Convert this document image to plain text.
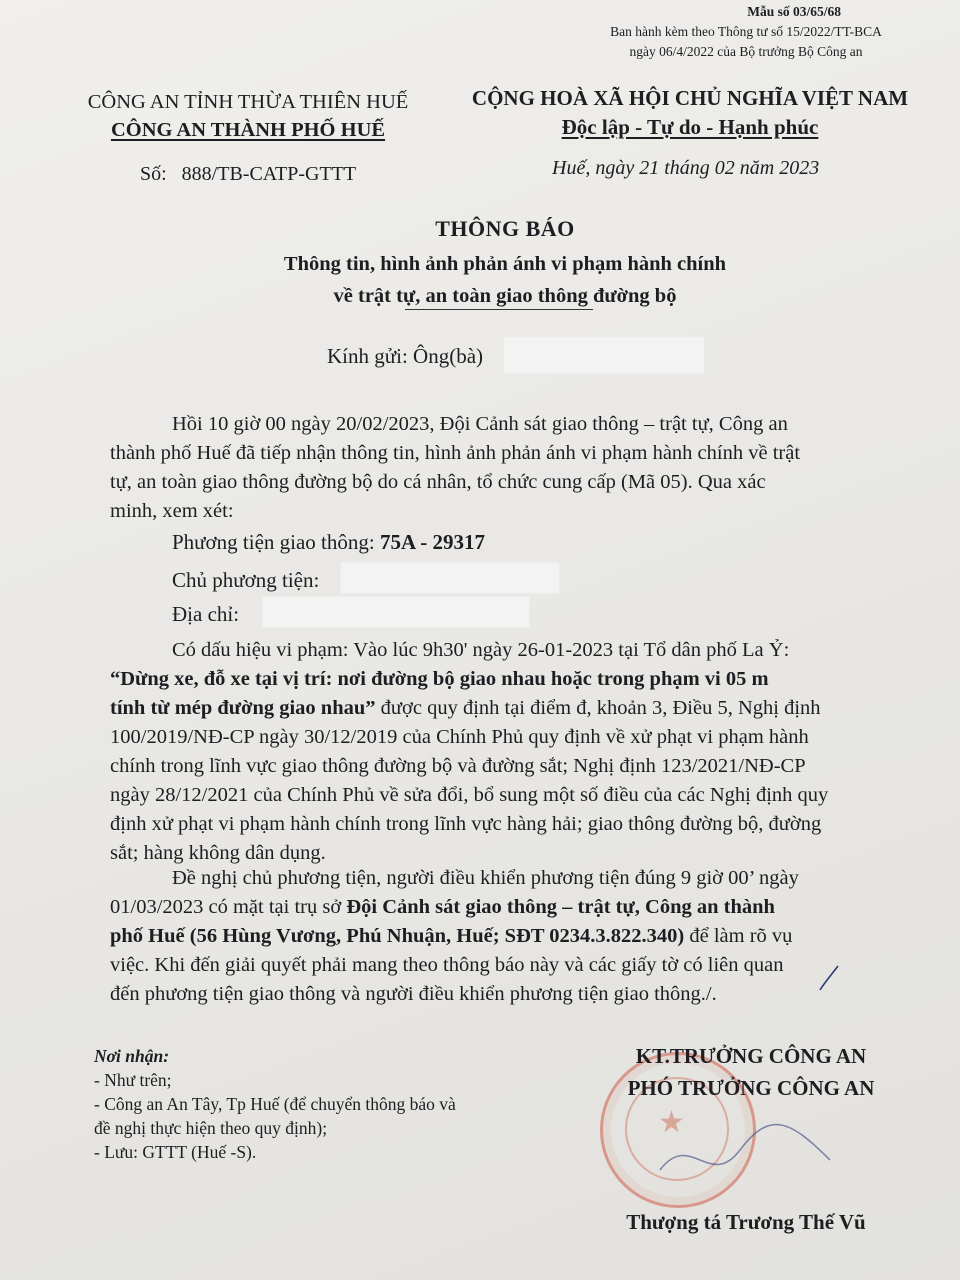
Mẫu số 03/65/68
Ban hành kèm theo Thông tư số 15/2022/TT-BCA
ngày 06/4/2022 của Bộ trưởng Bộ Công an
CÔNG AN TỈNH THỪA THIÊN HUẾ
CÔNG AN THÀNH PHỐ HUẾ
CỘNG HOÀ XÃ HỘI CHỦ NGHĨA VIỆT NAM
Độc lập - Tự do - Hạnh phúc
Số:   888/TB-CATP-GTTT	Huế, ngày 21 tháng 02 năm 2023
THÔNG BÁO
Thông tin, hình ảnh phản ánh vi phạm hành chính
về trật tự, an toàn giao thông đường bộ
Kính gửi: Ông(bà)
Hồi 10 giờ 00 ngày 20/02/2023, Đội Cảnh sát giao thông – trật tự, Công an
thành phố Huế đã tiếp nhận thông tin, hình ảnh phản ánh vi phạm hành chính về trật
tự, an toàn giao thông đường bộ do cá nhân, tổ chức cung cấp (Mã 05). Qua xác
minh, xem xét:
Phương tiện giao thông: 75A - 29317
Chủ phương tiện:
Địa chỉ:
Có dấu hiệu vi phạm: Vào lúc 9h30' ngày 26-01-2023 tại Tổ dân phố La Ỷ:
“Dừng xe, đỗ xe tại vị trí: nơi đường bộ giao nhau hoặc trong phạm vi 05 m
tính từ mép đường giao nhau” được quy định tại điểm đ, khoản 3, Điều 5, Nghị định
100/2019/NĐ-CP ngày 30/12/2019 của Chính Phủ quy định về xử phạt vi phạm hành
chính trong lĩnh vực giao thông đường bộ và đường sắt; Nghị định 123/2021/NĐ-CP
ngày 28/12/2021 của Chính Phủ về sửa đổi, bổ sung một số điều của các Nghị định quy
định xử phạt vi phạm hành chính trong lĩnh vực hàng hải; giao thông đường bộ, đường
sắt; hàng không dân dụng.
Đề nghị chủ phương tiện, người điều khiển phương tiện đúng 9 giờ 00’ ngày
01/03/2023 có mặt tại trụ sở Đội Cảnh sát giao thông – trật tự, Công an thành
phố Huế (56 Hùng Vương, Phú Nhuận, Huế; SĐT 0234.3.822.340) để làm rõ vụ
việc. Khi đến giải quyết phải mang theo thông báo này và các giấy tờ có liên quan
đến phương tiện giao thông và người điều khiển phương tiện giao thông./.
Nơi nhận:
- Như trên;
- Công an An Tây, Tp Huế (để chuyển thông báo và
đề nghị thực hiện theo quy định);
- Lưu: GTTT (Huế -S).
★
KT.TRƯỞNG CÔNG AN
PHÓ TRƯỞNG CÔNG AN
Thượng tá Trương Thế Vũ
